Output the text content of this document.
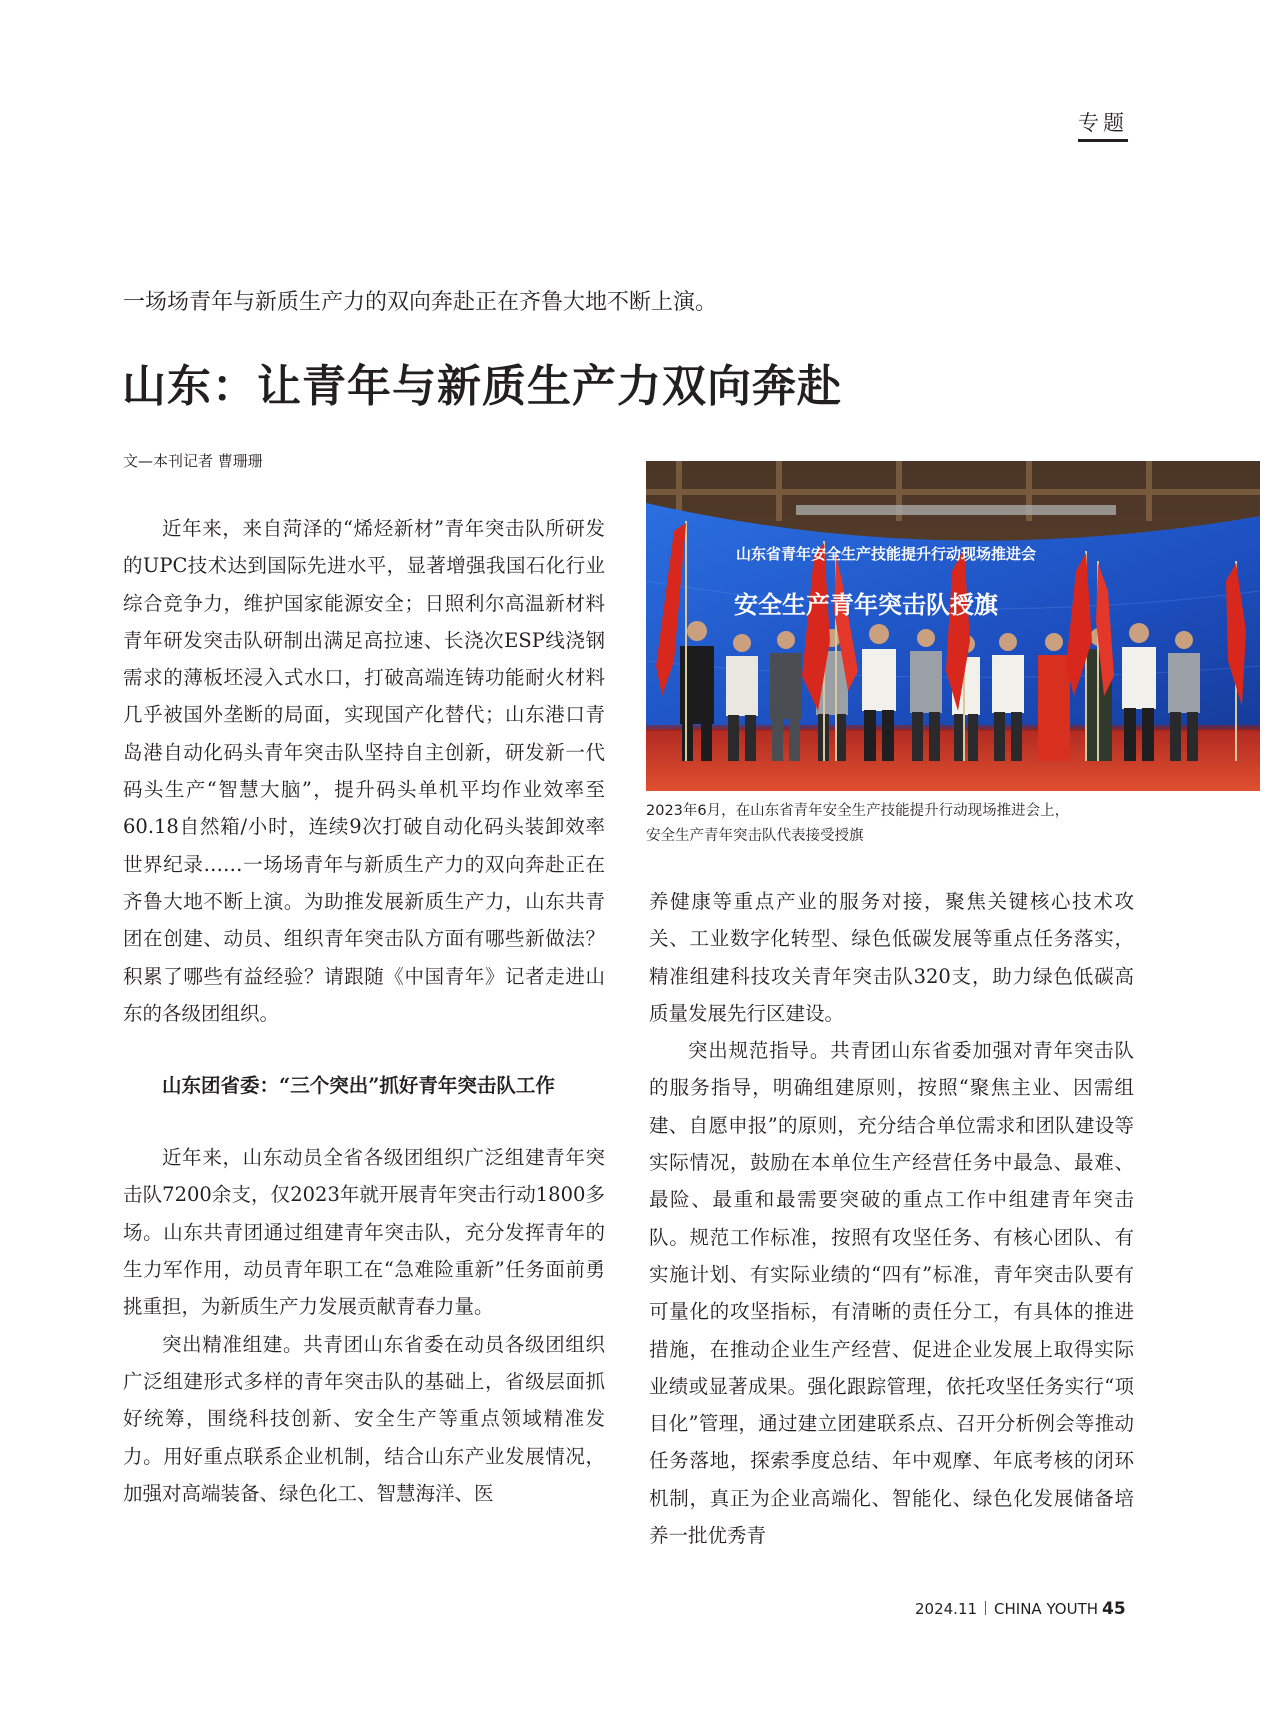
专题
一场场青年与新质生产力的双向奔赴正在齐鲁大地不断上演。
山东：让青年与新质生产力双向奔赴
文—本刊记者 曹珊珊

近年来，来自菏泽的“烯烃新材”青年突击队所研发的UPC技术达到国际先进水平，显著增强我国石化行业综合竞争力，维护国家能源安全；日照利尔高温新材料青年研发突击队研制出满足高拉速、长浇次ESP线浇钢需求的薄板坯浸入式水口，打破高端连铸功能耐火材料几乎被国外垄断的局面，实现国产化替代；山东港口青岛港自动化码头青年突击队坚持自主创新，研发新一代码头生产“智慧大脑”，提升码头单机平均作业效率至60.18自然箱/小时，连续9次打破自动化码头装卸效率世界纪录……一场场青年与新质生产力的双向奔赴正在齐鲁大地不断上演。为助推发展新质生产力，山东共青团在创建、动员、组织青年突击队方面有哪些新做法？积累了哪些有益经验？请跟随《中国青年》记者走进山东的各级团组织。

山东团省委：“三个突出”抓好青年突击队工作

近年来，山东动员全省各级团组织广泛组建青年突击队7200余支，仅2023年就开展青年突击行动1800多场。山东共青团通过组建青年突击队，充分发挥青年的生力军作用，动员青年职工在“急难险重新”任务面前勇挑重担，为新质生产力发展贡献青春力量。

突出精准组建。共青团山东省委在动员各级团组织广泛组建形式多样的青年突击队的基础上，省级层面抓好统筹，围绕科技创新、安全生产等重点领域精准发力。用好重点联系企业机制，结合山东产业发展情况，加强对高端装备、绿色化工、智慧海洋、医

山东省青年安全生产技能提升行动现场推进会
安全生产青年突击队授旗
2023年6月，在山东省青年安全生产技能提升行动现场推进会上，
安全生产青年突击队代表接受授旗

养健康等重点产业的服务对接，聚焦关键核心技术攻关、工业数字化转型、绿色低碳发展等重点任务落实，精准组建科技攻关青年突击队320支，助力绿色低碳高质量发展先行区建设。

突出规范指导。共青团山东省委加强对青年突击队的服务指导，明确组建原则，按照“聚焦主业、因需组建、自愿申报”的原则，充分结合单位需求和团队建设等实际情况，鼓励在本单位生产经营任务中最急、最难、最险、最重和最需要突破的重点工作中组建青年突击队。规范工作标准，按照有攻坚任务、有核心团队、有实施计划、有实际业绩的“四有”标准，青年突击队要有可量化的攻坚指标，有清晰的责任分工，有具体的推进措施，在推动企业生产经营、促进企业发展上取得实际业绩或显著成果。强化跟踪管理，依托攻坚任务实行“项目化”管理，通过建立团建联系点、召开分析例会等推动任务落地，探索季度总结、年中观摩、年底考核的闭环机制，真正为企业高端化、智能化、绿色化发展储备培养一批优秀青

2024.11 CHINA YOUTH 45
